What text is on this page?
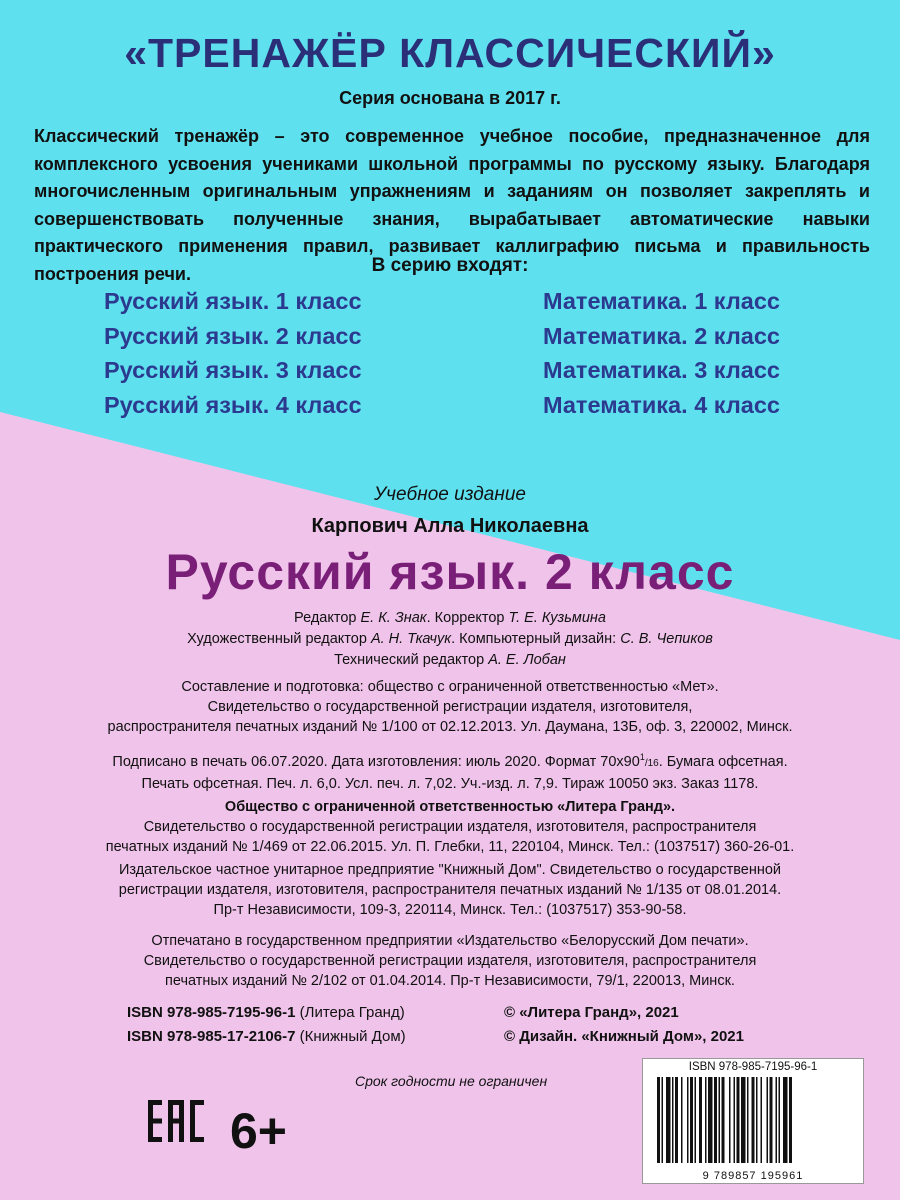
«ТРЕНАЖЁР КЛАССИЧЕСКИЙ»
Серия основана в 2017 г.
Классический тренажёр – это современное учебное пособие, предназначенное для комплексного усвоения учениками школьной программы по русскому языку. Благодаря многочисленным оригинальным упражнениям и заданиям он позволяет закреплять и совершенствовать полученные знания, вырабатывает автоматические навыки практического применения правил, развивает каллиграфию письма и правильность построения речи.	В серию входят:
Русский язык. 1 класс
Русский язык. 2 класс
Русский язык. 3 класс
Русский язык. 4 класс
Математика. 1 класс
Математика. 2 класс
Математика. 3 класс
Математика. 4 класс
Учебное издание
Карпович Алла Николаевна
Русский язык. 2 класс
Редактор Е. К. Знак. Корректор Т. Е. Кузьмина
Художественный редактор А. Н. Ткачук. Компьютерный дизайн: С. В. Чепиков
Технический редактор А. Е. Лобан
Составление и подготовка: общество с ограниченной ответственностью «Мет».
Свидетельство о государственной регистрации издателя, изготовителя,
распространителя печатных изданий № 1/100 от 02.12.2013. Ул. Даумана, 13Б, оф. 3, 220002, Минск.
Подписано в печать 06.07.2020. Дата изготовления: июль 2020. Формат $70x90^1/16$. Бумага офсетная.
Печать офсетная. Печ. л. 6,0. Усл. печ. л. 7,02. Уч.-изд. л. 7,9. Тираж 10050 экз. Заказ 1178.
Общество с ограниченной ответственностью «Литера Гранд».
Свидетельство о государственной регистрации издателя, изготовителя, распространителя
печатных изданий № 1/469 от 22.06.2015. Ул. П. Глебки, 11, 220104, Минск. Тел.: (1037517) 360-26-01.
Издательское частное унитарное предприятие "Книжный Дом". Свидетельство о государственной
регистрации издателя, изготовителя, распространителя печатных изданий № 1/135 от 08.01.2014.
Пр-т Независимости, 109-3, 220114, Минск. Тел.: (1037517) 353-90-58.
Отпечатано в государственном предприятии «Издательство «Белорусский Дом печати».
Свидетельство о государственной регистрации издателя, изготовителя, распространителя
печатных изданий № 2/102 от 01.04.2014. Пр-т Независимости, 79/1, 220013, Минск.
ISBN 978-985-7195-96-1 (Литера Гранд)
ISBN 978-985-17-2106-7 (Книжный Дом)
© «Литера Гранд», 2021
© Дизайн. «Книжный Дом», 2021
Срок годности не ограничен
6+
ISBN 978-985-7195-96-1
9 789857 195961
